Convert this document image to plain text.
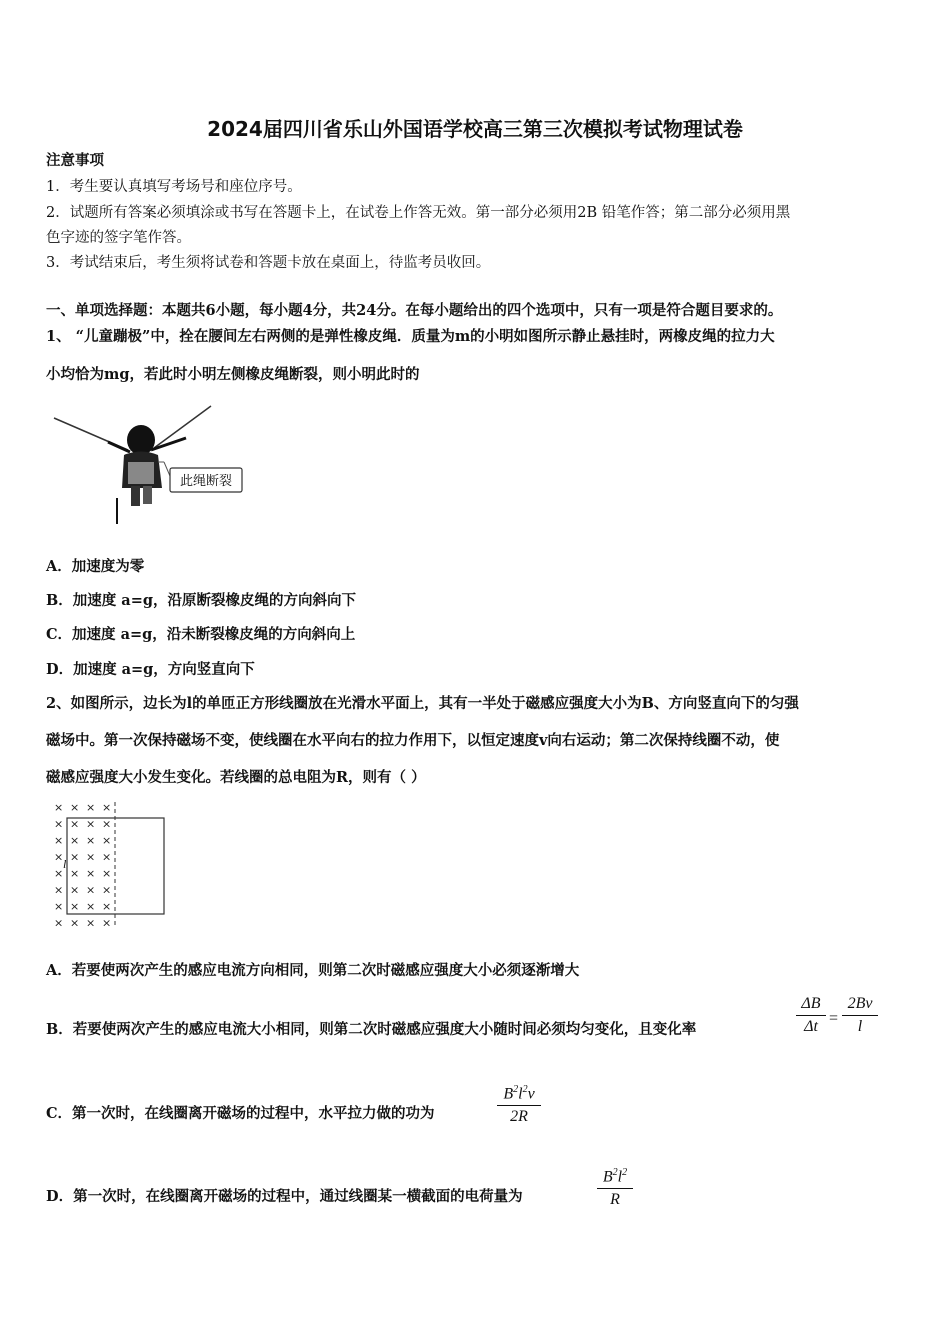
2024届四川省乐山外国语学校高三第三次模拟考试物理试卷
注意事项
1．考生要认真填写考场号和座位序号。
2．试题所有答案必须填涂或书写在答题卡上，在试卷上作答无效。第一部分必须用2B 铅笔作答；第二部分必须用黑
色字迹的签字笔作答。
3．考试结束后，考生须将试卷和答题卡放在桌面上，待监考员收回。
一、单项选择题：本题共6小题，每小题4分，共24分。在每小题给出的四个选项中，只有一项是符合题目要求的。
1、 “儿童蹦极”中，拴在腰间左右两侧的是弹性橡皮绳．质量为m的小明如图所示静止悬挂时，两橡皮绳的拉力大
小均恰为mg，若此时小明左侧橡皮绳断裂，则小明此时的
此绳断裂
A．加速度为零
B．加速度 a=g，沿原断裂橡皮绳的方向斜向下
C．加速度 a=g，沿未断裂橡皮绳的方向斜向上
D．加速度 a=g，方向竖直向下
2、如图所示，边长为l的单匝正方形线圈放在光滑水平面上，其有一半处于磁感应强度大小为B、方向竖直向下的匀强
磁场中。第一次保持磁场不变，使线圈在水平向右的拉力作用下，以恒定速度v向右运动；第二次保持线圈不动，使
磁感应强度大小发生变化。若线圈的总电阻为R，则有（ ）
× × × ×
× × × ×
× × × ×
× × × ×
× × × ×
× × × ×
× × × ×
× × × ×
l
A．若要使两次产生的感应电流方向相同，则第二次时磁感应强度大小必须逐渐增大
B．若要使两次产生的感应电流大小相同，则第二次时磁感应强度大小随时间必须均匀变化，且变化率
ΔB
Δt =
2Bv
l
C．第一次时，在线圈离开磁场的过程中，水平拉力做的功为
$B^2l^2v$
2R
D．第一次时，在线圈离开磁场的过程中，通过线圈某一横截面的电荷量为
$B^2l^2$
R
